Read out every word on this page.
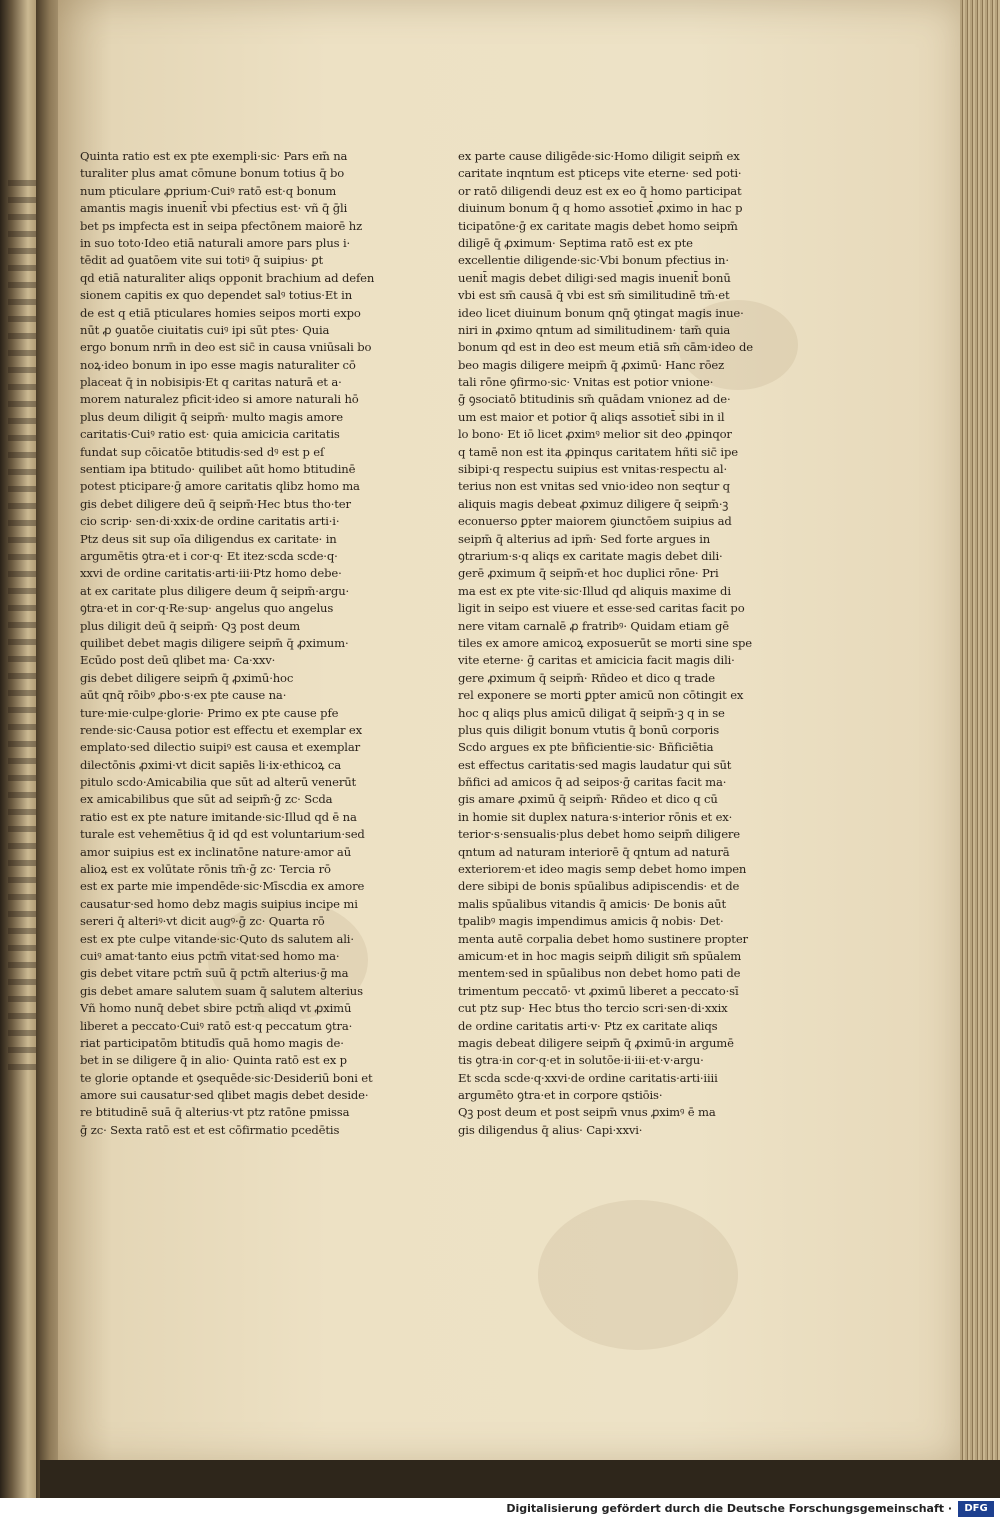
Quinta ratio est ex pte exempli·sic· Pars em̄ na
turaliter plus amat cōmune bonum totius q̄ bo
num pticulare ꝓprium·Cuiꝰ ratō est·q bonum
amantis magis inuenit̄ vbi pfectius est· vñ q̄ ḡli
bet ps impfecta est in seipa pfectōnem maiorē hz
in suo toto·Ideo etiā naturali amore pars plus i·
tēdit ad ꝯuatōem vite sui totiꝰ q̄ suipius· ꝑt
qd etiā naturaliter aliqs opponit brachium ad defen
sionem capitis ex quo dependet salꝰ totius·Et in
de est q etiā pticulares homies seipos morti expo
nūt ꝓ ꝯuatōe ciuitatis cuiꝰ ipi sūt ptes· Quia
ergo bonum nrm̄ in deo est sic̄ in causa vniūsali bo
noꝝ·ideo bonum in ipo esse magis naturaliter cō
placeat q̄ in nobisipis·Et q caritas naturā et a·
morem naturalez pficit·ideo si amore naturali hō
plus deum diligit q̄ seipm̄· multo magis amore
caritatis·Cuiꝰ ratio est· quia amicicia caritatis
fundat sup cōicatōe btitudis·sed dꝰ est p eſ
sentiam ipa btitudo· quilibet aūt homo btitudinē
potest pticipare·ḡ amore caritatis qlibz homo ma
gis debet diligere deū q̄ seipm̄·Hec btus tho·ter
cio scrip· sen·di·xxix·de ordine caritatis arti·i·
Ptz deus sit sup oīa diligendus ex caritate· in
argumētis ꝯtra·et i cor·q· Et itez·scda scde·q·
xxvi de ordine caritatis·arti·iii·Ptz homo debe·
at ex caritate plus diligere deum q̄ seipm̄·argu·
ꝯtra·et in cor·q·Re·sup· angelus quo angelus
plus diligit deū q̄ seipm̄· Qꝫ post deum
quilibet debet magis diligere seipm̄ q̄ ꝓximum·
Ecūdo post deū qlibet ma· Ca·xxv·
gis debet diligere seipm̄ q̄ ꝓximū·hoc
aūt qnq̄ rōibꝰ ꝓbo·s·ex pte cause na·
ture·mie·culpe·glorie· Primo ex pte cause pfe
rende·sic·Causa potior est effectu et exemplar ex
emplato·sed dilectio suipiꝰ est causa et exemplar
dilectōnis ꝓximi·vt dicit sapiēs li·ix·ethicoꝝ ca
pitulo scdo·Amicabilia que sūt ad alterū venerūt
ex amicabilibus que sūt ad seipm̄·ḡ zc· Scda
ratio est ex pte nature imitande·sic·Illud qd ē na
turale est vehemētius q̄ id qd est voluntarium·sed
amor suipius est ex inclinatōne nature·amor aū
alioꝝ est ex volūtate rōnis tm̄·ḡ zc· Tercia rō
est ex parte mie impendēde·sic·Mīscdia ex amore
causatur·sed homo debz magis suipius incipe mi
sereri q̄ alteriꝰ·vt dicit augꝰ·ḡ zc· Quarta rō
est ex pte culpe vitande·sic·Quto ds salutem ali·
cuiꝰ amat·tanto eius pctm̄ vitat·sed homo ma·
gis debet vitare pctm̄ suū q̄ pctm̄ alterius·ḡ ma
gis debet amare salutem suam q̄ salutem alterius
Vñ homo nunq̄ debet sbire pctm̄ aliqd vt ꝓximū
liberet a peccato·Cuiꝰ ratō est·q peccatum ꝯtra·
riat participatōm btitudīs quā homo magis de·
bet in se diligere q̄ in alio· Quinta ratō est ex p
te glorie optande et ꝯsequēde·sic·Desideriū boni et
amore sui causatur·sed qlibet magis debet deside·
re btitudinē suā q̄ alterius·vt ptz ratōne pmissa
ḡ zc· Sexta ratō est et est cōfirmatio pcedētis
ex parte cause diligēde·sic·Homo diligit seipm̄ ex
caritate inqntum est pticeps vite eterne· sed poti·
or ratō diligendi deuz est ex eo q̄ homo participat
diuinum bonum q̄ q homo assotiet̄ ꝓximo in hac p
ticipatōne·ḡ ex caritate magis debet homo seipm̄
diligē q̄ ꝓximum· Septima ratō est ex pte
excellentie diligende·sic·Vbi bonum pfectius in·
uenit̄ magis debet diligi·sed magis inuenit̄ bonū
vbi est sm̄ causā q̄ vbi est sm̄ similitudinē tm̄·et
ideo licet diuinum bonum qnq̄ ꝯtingat magis inue·
niri in ꝓximo qntum ad similitudinem· tam̄ quia
bonum qd est in deo est meum etiā sm̄ cām·ideo de
beo magis diligere meipm̄ q̄ ꝓximū· Hanc rōez
tali rōne ꝯfirmo·sic· Vnitas est potior vnione·
ḡ ꝯsociatō btitudinis sm̄ quādam vnionez ad de·
um est maior et potior q̄ aliqs assotiet̄ sibi in il
lo bono· Et iō licet ꝓximꝰ melior sit deo ꝓpinqor
q tamē non est ita ꝓpinqus caritatem hñti sic̄ ipe
sibipi·q respectu suipius est vnitas·respectu al·
terius non est vnitas sed vnio·ideo non seqtur q
aliquis magis debeat ꝓximuz diligere q̄ seipm̄·ꝫ
econuerso ꝑpter maiorem ꝯiunctōem suipius ad
seipm̄ q̄ alterius ad ipm̄· Sed forte argues in
ꝯtrarium·s·q aliqs ex caritate magis debet dili·
gerē ꝓximum q̄ seipm̄·et hoc duplici rōne· Pri
ma est ex pte vite·sic·Illud qd aliquis maxime di
ligit in seipo est viuere et esse·sed caritas facit po
nere vitam carnalē ꝓ fratribꝰ· Quidam etiam gē
tiles ex amore amicoꝝ exposuerūt se morti sine spe
vite eterne· ḡ caritas et amicicia facit magis dili·
gere ꝓximum q̄ seipm̄· Rñdeo et dico q trade
rel exponere se morti ꝑpter amicū non cōtingit ex
hoc q aliqs plus amicū diligat q̄ seipm̄·ꝫ q in se
plus quis diligit bonum vtutis q̄ bonū corporis
Scdo argues ex pte bñficientie·sic· Bñficiētia
est effectus caritatis·sed magis laudatur qui sūt
bñfici ad amicos q̄ ad seipos·ḡ caritas facit ma·
gis amare ꝓximū q̄ seipm̄· Rñdeo et dico q cū
in homie sit duplex natura·s·interior rōnis et ex·
terior·s·sensualis·plus debet homo seipm̄ diligere
qntum ad naturam interiorē q̄ qntum ad naturā
exteriorem·et ideo magis semp debet homo impen
dere sibipi de bonis spūalibus adipiscendis· et de
malis spūalibus vitandis q̄ amicis· De bonis aūt
tpalibꝰ magis impendimus amicis q̄ nobis· Det·
menta autē corpalia debet homo sustinere propter
amicum·et in hoc magis seipm̄ diligit sm̄ spūalem
mentem·sed in spūalibus non debet homo pati de
trimentum peccatō· vt ꝓximū liberet a peccato·sī
cut ptz sup· Hec btus tho tercio scri·sen·di·xxix
de ordine caritatis arti·v· Ptz ex caritate aliqs
magis debeat diligere seipm̄ q̄ ꝓximū·in argumē
tis ꝯtra·in cor·q·et in solutōe·ii·iii·et·v·argu·
Et scda scde·q·xxvi·de ordine caritatis·arti·iiii
argumēto ꝯtra·et in corpore qstiōis·
Qꝫ post deum et post seipm̄ vnus ꝓximꝰ ē ma
gis diligendus q̄ alius· Capi·xxvi·
Digitalisierung gefördert durch die Deutsche Forschungsgemeinschaft ·	DFG
